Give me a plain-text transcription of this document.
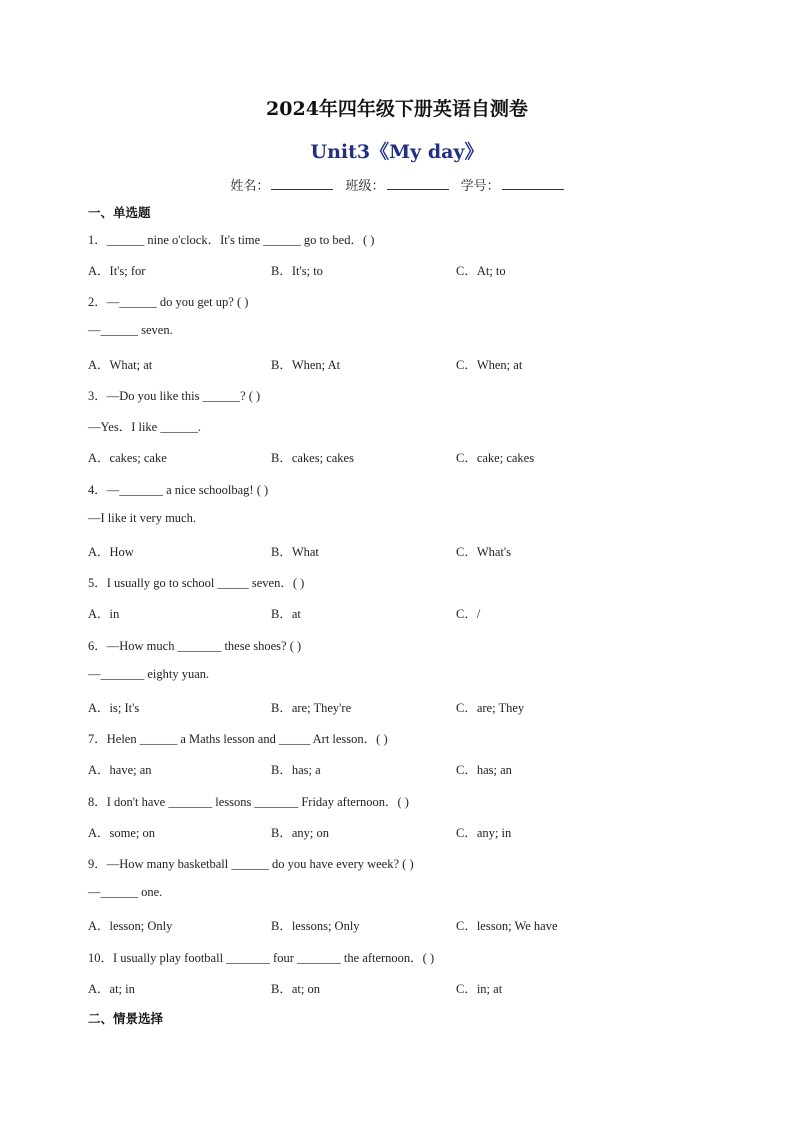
2024年四年级下册英语自测卷
Unit3《My day》
姓名：	班级：	学号：
一、单选题
1．______ nine o'clock．It's time ______ go to bed．( )
A．It's; for	B．It's; to	C．At; to
2．—______ do you get up? ( )
—______ seven.
A．What; at	B．When; At	C．When; at
3．—Do you like this ______? ( )
—Yes．I like ______.
A．cakes; cake	B．cakes; cakes	C．cake; cakes
4．—_______ a nice schoolbag! ( )
—I like it very much.
A．How	B．What	C．What's
5．I usually go to school _____ seven．( )
A．in	B．at	C．/
6．—How much _______ these shoes? ( )
—_______ eighty yuan.
A．is; It's	B．are; They're	C．are; They
7．Helen ______ a Maths lesson and _____ Art lesson．( )
A．have; an	B．has; a	C．has; an
8．I don't have _______ lessons _______ Friday afternoon．( )
A．some; on	B．any; on	C．any; in
9．—How many basketball ______ do you have every week? ( )
—______ one.
A．lesson; Only	B．lessons; Only	C．lesson; We have
10．I usually play football _______ four _______ the afternoon．( )
A．at; in	B．at; on	C．in; at
二、情景选择
